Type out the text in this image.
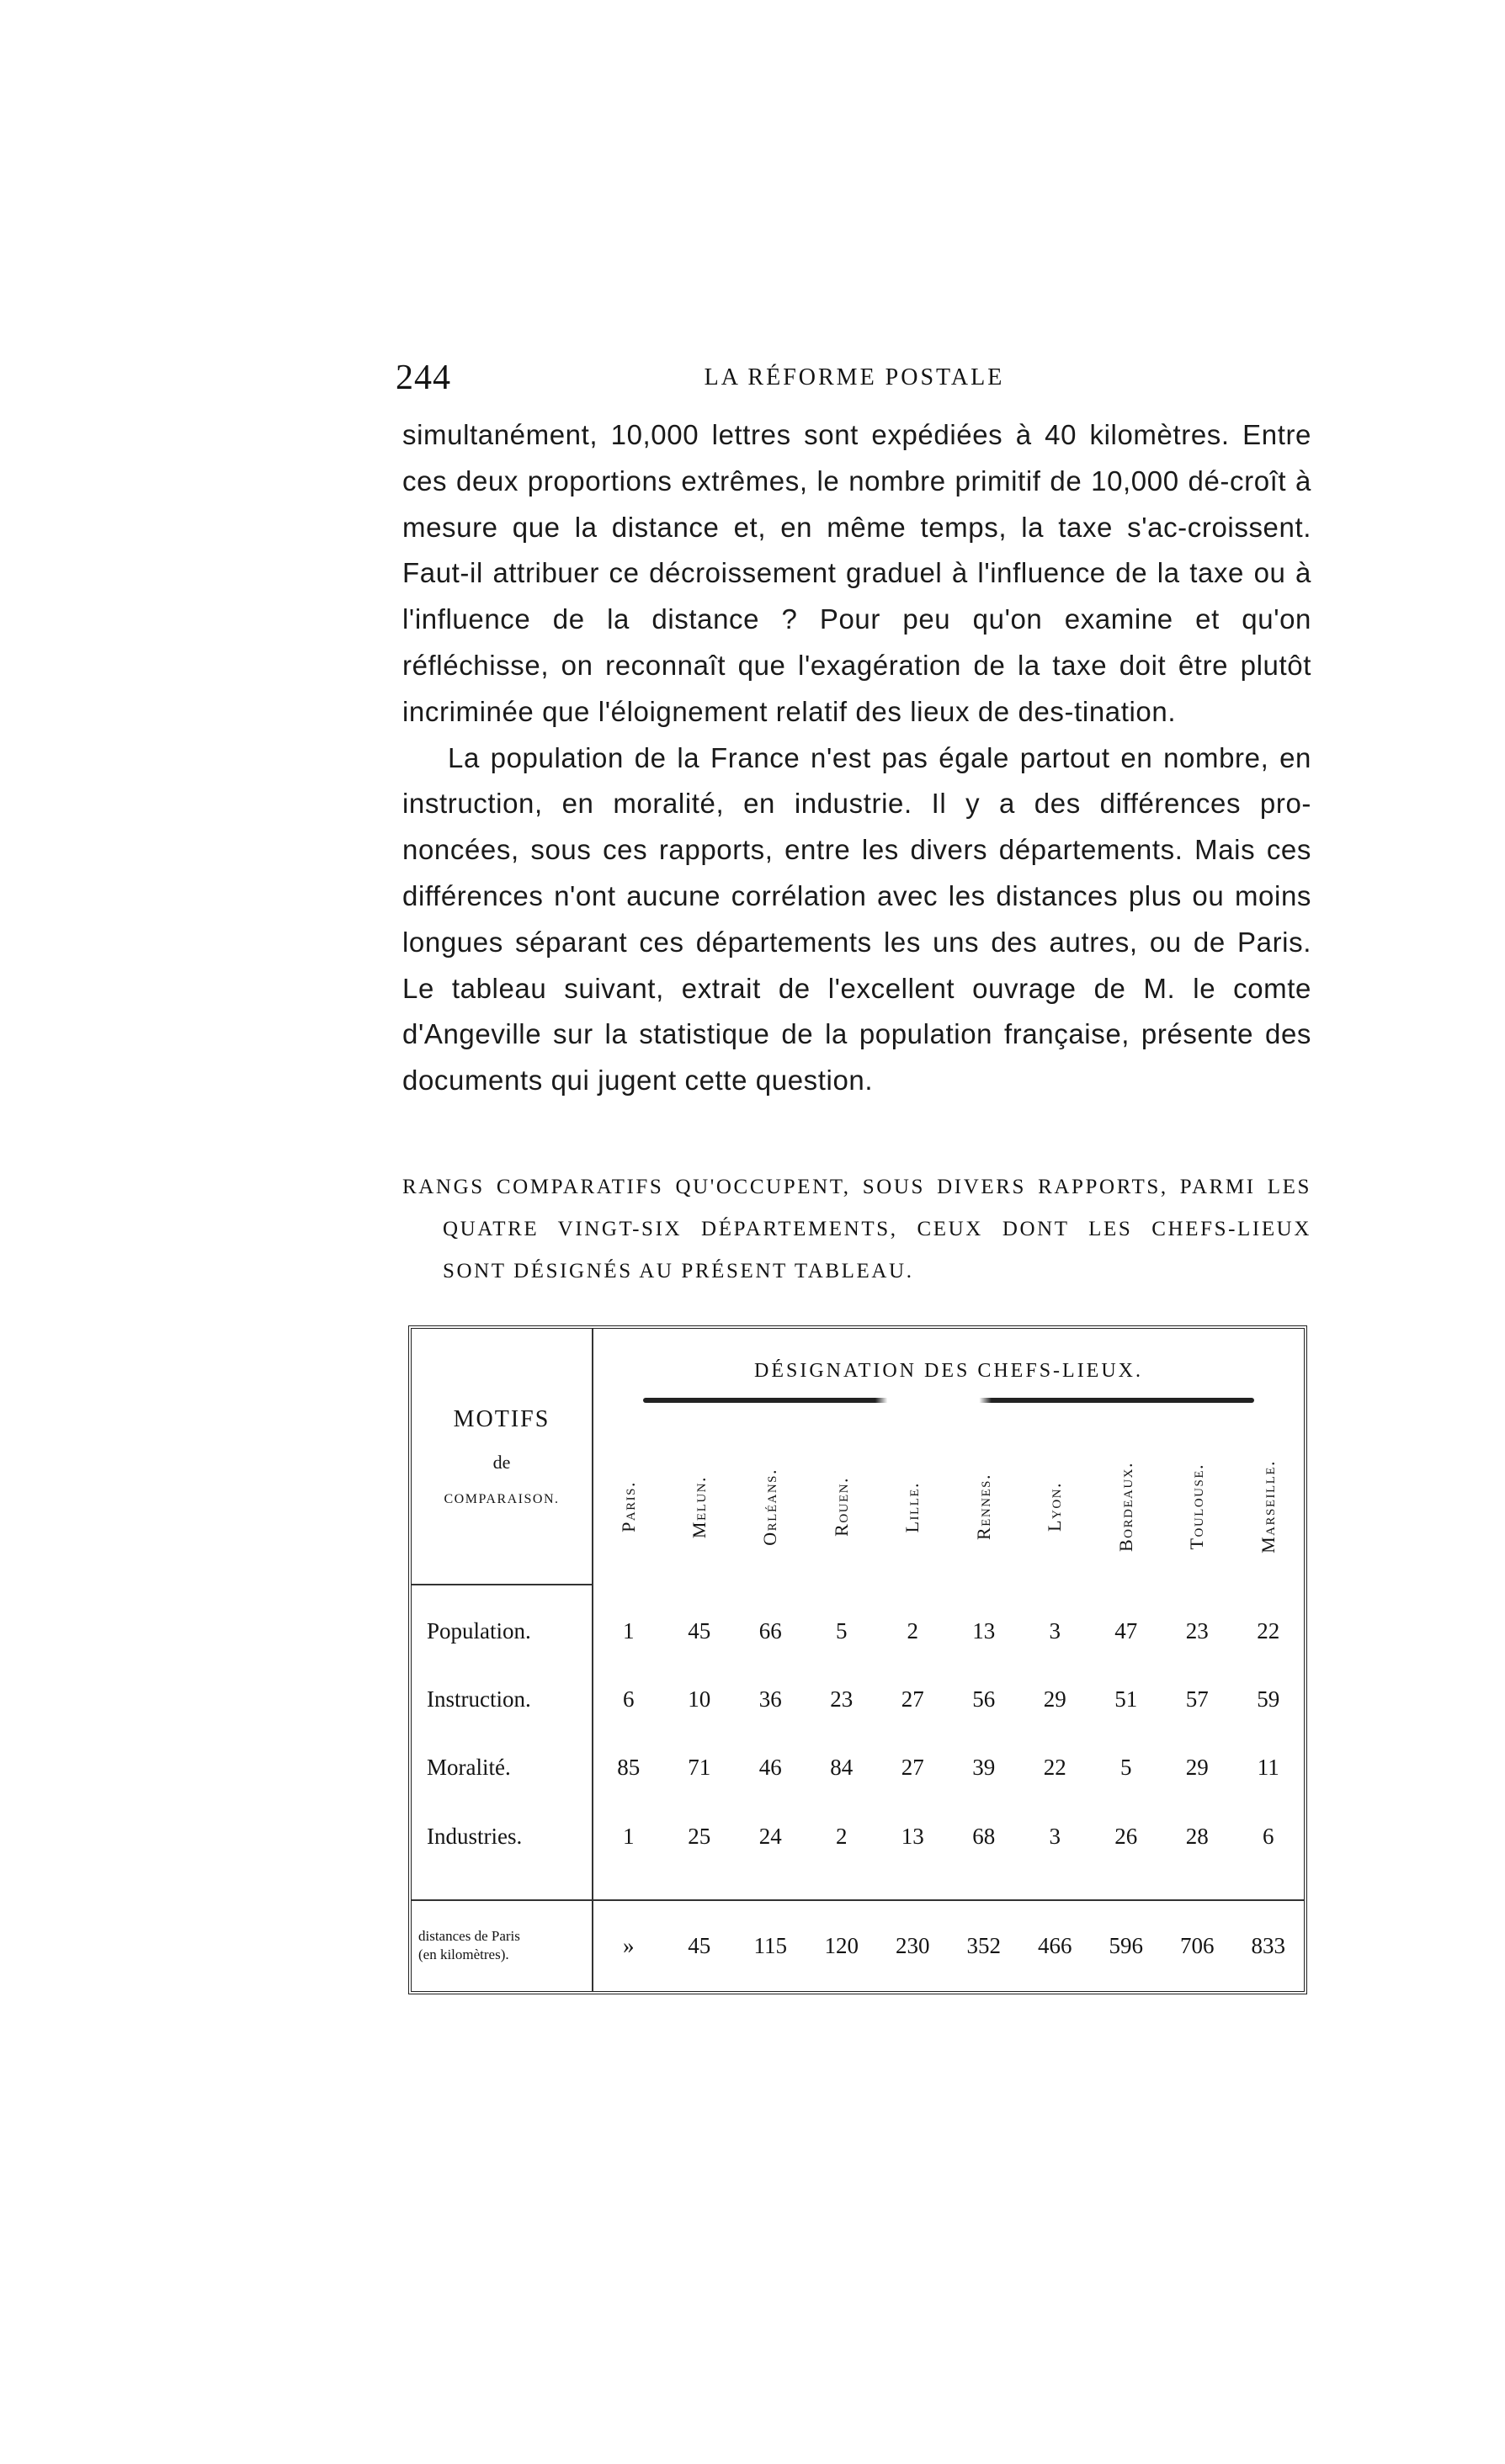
244	LA RÉFORME POSTALE

simultanément, 10,000 lettres sont expédiées à 40 kilomètres. Entre ces deux proportions extrêmes, le nombre primitif de 10,000 dé-croît à mesure que la distance et, en même temps, la taxe s'ac-croissent. Faut-il attribuer ce décroissement graduel à l'influence de la taxe ou à l'influence de la distance ? Pour peu qu'on examine et qu'on réfléchisse, on reconnaît que l'exagération de la taxe doit être plutôt incriminée que l'éloignement relatif des lieux de des-tination.

La population de la France n'est pas égale partout en nombre, en instruction, en moralité, en industrie. Il y a des différences pro-noncées, sous ces rapports, entre les divers départements. Mais ces différences n'ont aucune corrélation avec les distances plus ou moins longues séparant ces départements les uns des autres, ou de Paris. Le tableau suivant, extrait de l'excellent ouvrage de M. le comte d'Angeville sur la statistique de la population française, présente des documents qui jugent cette question.

RANGS COMPARATIFS QU'OCCUPENT, SOUS DIVERS RAPPORTS, PARMI LES QUATRE VINGT-SIX DÉPARTEMENTS, CEUX DONT LES CHEFS-LIEUX SONT DÉSIGNÉS AU PRÉSENT TABLEAU.
MOTIFS
de
COMPARAISON.	DÉSIGNATION DES CHEFS-LIEUX.									

	Paris.	Melun.	Orléans.	Rouen.	Lille.	Rennes.	Lyon.	Bordeaux.	Toulouse.	Marseille.

Population.	1	45	66	5	2	13	3	47	23	22
Instruction.	6	10	36	23	27	56	29	51	57	59
Moralité.	85	71	46	84	27	39	22	5	29	11
Industries.	1	25	24	2	13	68	3	26	28	6

distances de Paris
(en kilomètres).	»	45	115	120	230	352	466	596	706	833
